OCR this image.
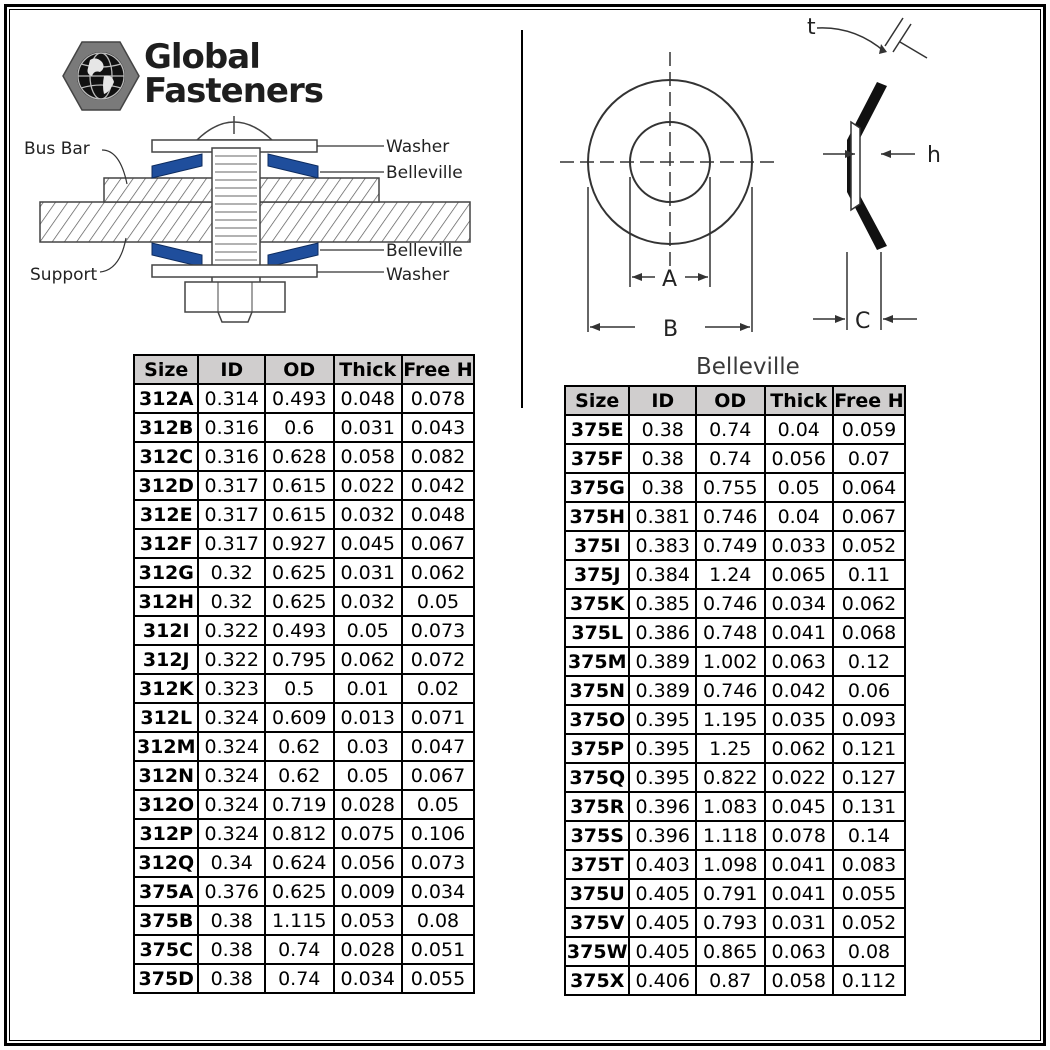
Global
Fasteners
Bus Bar
Support
Washer
Belleville
Belleville
Washer	A
B
t
h
C
Belleville
Size	ID	OD	Thick	Free H
312A	0.314	0.493	0.048	0.078
312B	0.316	0.6	0.031	0.043
312C	0.316	0.628	0.058	0.082
312D	0.317	0.615	0.022	0.042
312E	0.317	0.615	0.032	0.048
312F	0.317	0.927	0.045	0.067
312G	0.32	0.625	0.031	0.062
312H	0.32	0.625	0.032	0.05
312I	0.322	0.493	0.05	0.073
312J	0.322	0.795	0.062	0.072
312K	0.323	0.5	0.01	0.02
312L	0.324	0.609	0.013	0.071
312M	0.324	0.62	0.03	0.047
312N	0.324	0.62	0.05	0.067
312O	0.324	0.719	0.028	0.05
312P	0.324	0.812	0.075	0.106
312Q	0.34	0.624	0.056	0.073
375A	0.376	0.625	0.009	0.034
375B	0.38	1.115	0.053	0.08
375C	0.38	0.74	0.028	0.051
375D	0.38	0.74	0.034	0.055
Size	ID	OD	Thick	Free H
375E	0.38	0.74	0.04	0.059
375F	0.38	0.74	0.056	0.07
375G	0.38	0.755	0.05	0.064
375H	0.381	0.746	0.04	0.067
375I	0.383	0.749	0.033	0.052
375J	0.384	1.24	0.065	0.11
375K	0.385	0.746	0.034	0.062
375L	0.386	0.748	0.041	0.068
375M	0.389	1.002	0.063	0.12
375N	0.389	0.746	0.042	0.06
375O	0.395	1.195	0.035	0.093
375P	0.395	1.25	0.062	0.121
375Q	0.395	0.822	0.022	0.127
375R	0.396	1.083	0.045	0.131
375S	0.396	1.118	0.078	0.14
375T	0.403	1.098	0.041	0.083
375U	0.405	0.791	0.041	0.055
375V	0.405	0.793	0.031	0.052
375W	0.405	0.865	0.063	0.08
375X	0.406	0.87	0.058	0.112
